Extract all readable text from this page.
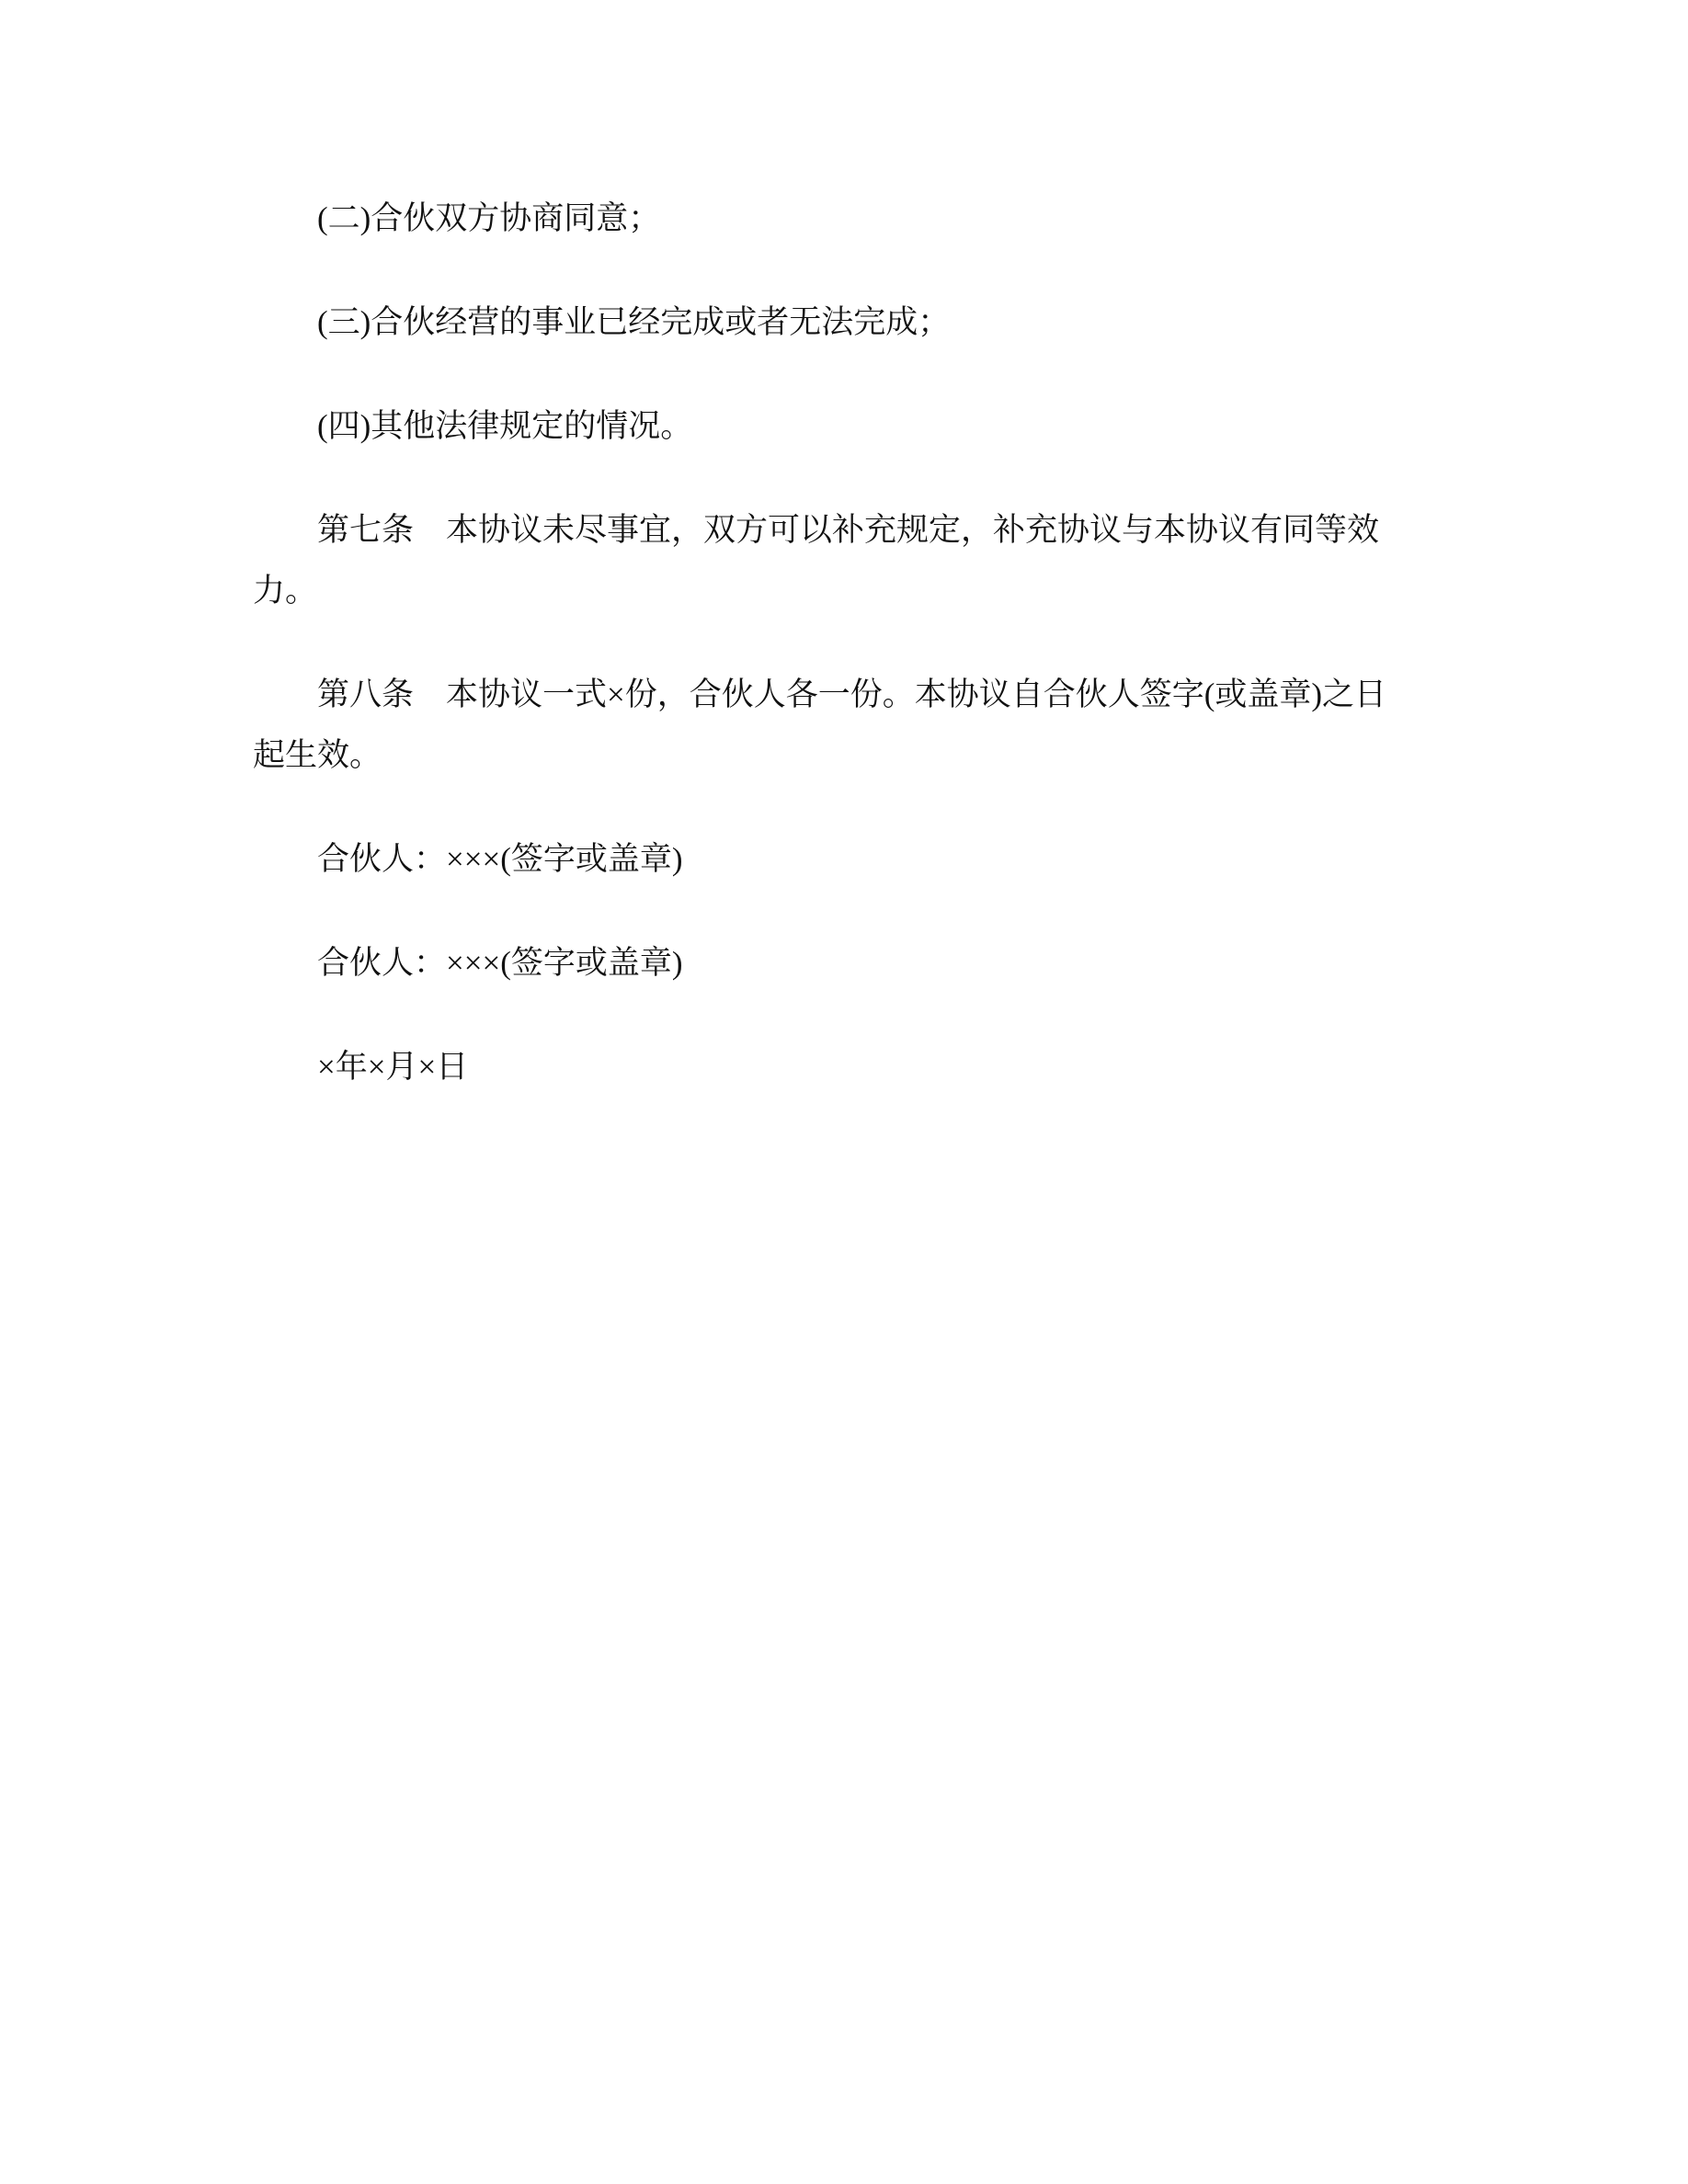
(二)合伙双方协商同意；

(三)合伙经营的事业已经完成或者无法完成；

(四)其他法律规定的情况。

第七条　本协议未尽事宜，双方可以补充规定，补充协议与本协议有同等效力。

第八条　本协议一式×份，合伙人各一份。本协议自合伙人签字(或盖章)之日起生效。

合伙人：×××(签字或盖章)

合伙人：×××(签字或盖章)

×年×月×日
